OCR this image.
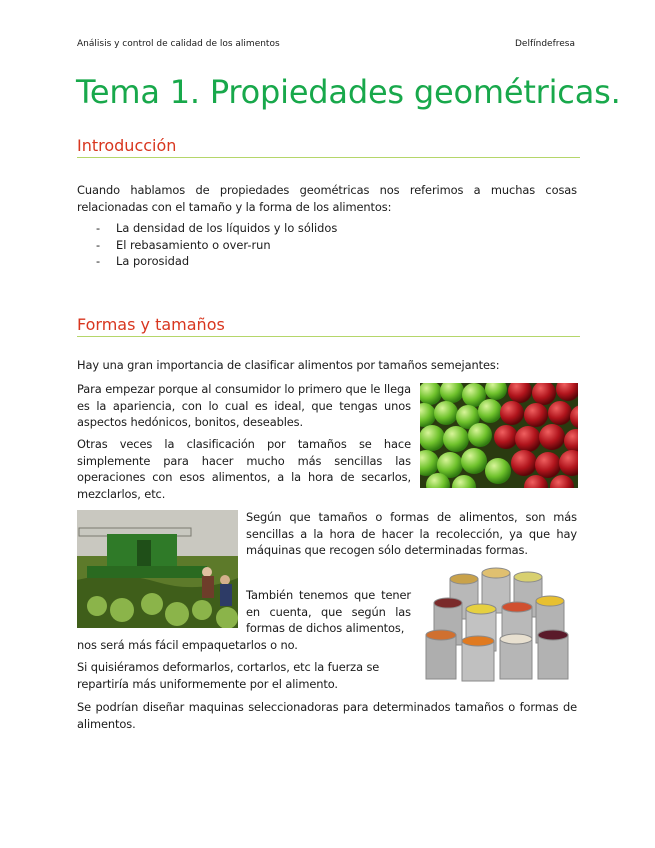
Análisis y control de calidad de los alimentos	Delfíndefresa
Tema 1. Propiedades geométricas.
Introducción

Cuando hablamos de propiedades geométricas nos referimos a muchas cosas relacionadas con el tamaño y la forma de los alimentos:

- La densidad de los líquidos y lo sólidos
- El rebasamiento o over-run
- La porosidad
Formas y tamaños

Hay una gran importancia de clasificar alimentos por tamaños semejantes:

Para empezar porque al consumidor lo primero que le llega es la apariencia, con lo cual es ideal, que tengas unos aspectos hedónicos, bonitos, deseables.

Otras veces la clasificación por tamaños se hace simplemente para hacer mucho más sencillas las operaciones con esos alimentos, a la hora de secarlos, mezclarlos, etc.

Según que tamaños o formas de alimentos, son más sencillas a la hora de hacer la recolección, ya que hay máquinas que recogen sólo determinadas formas.

También tenemos que tener en cuenta, que según las formas de dichos alimentos,

nos será más fácil empaquetarlos o no.

Si quisiéramos deformarlos, cortarlos, etc la fuerza se repartiría más uniformemente por el alimento.

Se podrían diseñar maquinas seleccionadoras para determinados tamaños o formas de alimentos.
